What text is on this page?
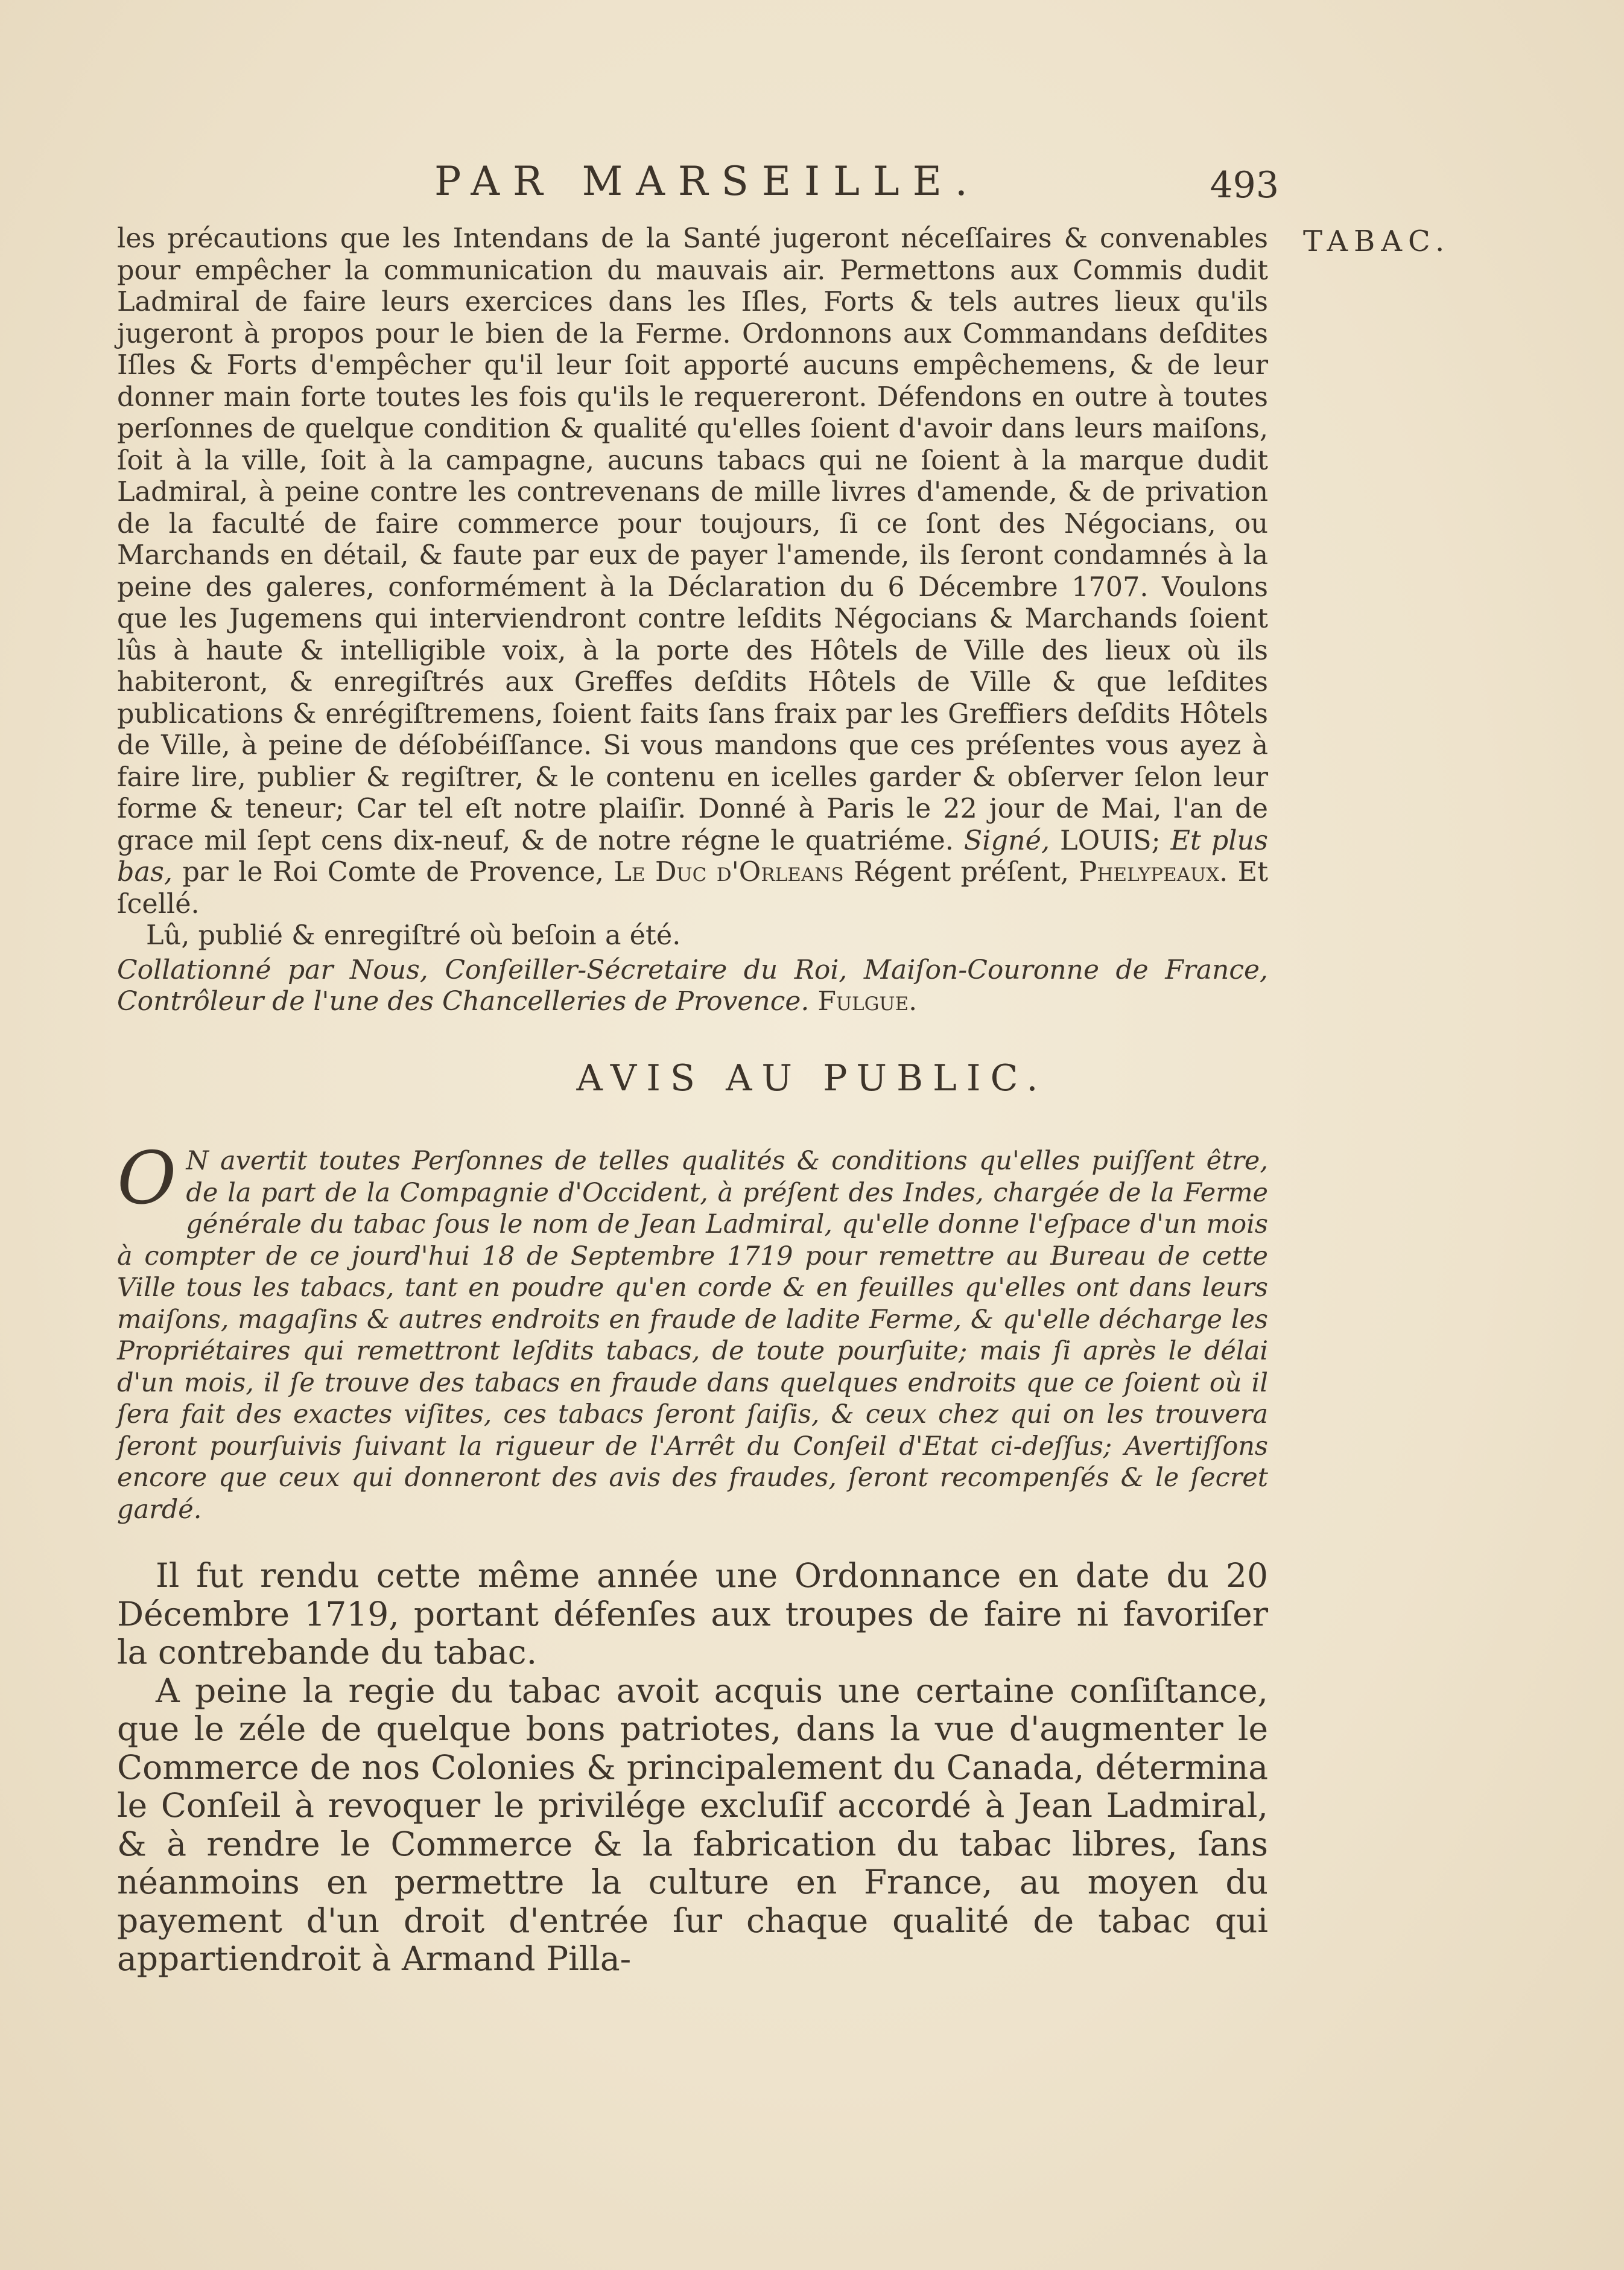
PAR MARSEILLE.	493
TABAC.

les précautions que les Intendans de la Santé jugeront néceſſaires & convenables pour empêcher la communication du mauvais air. Permettons aux Commis dudit Ladmiral de faire leurs exercices dans les Iſles, Forts & tels autres lieux qu'ils jugeront à propos pour le bien de la Ferme. Ordonnons aux Commandans deſdites Iſles & Forts d'empêcher qu'il leur ſoit apporté aucuns empêchemens, & de leur donner main forte toutes les fois qu'ils le requereront. Défendons en outre à toutes perſonnes de quelque condition & qualité qu'elles ſoient d'avoir dans leurs maiſons, ſoit à la ville, ſoit à la campagne, aucuns tabacs qui ne ſoient à la marque dudit Ladmiral, à peine contre les contrevenans de mille livres d'amende, & de privation de la faculté de faire commerce pour toujours, ſi ce ſont des Négocians, ou Marchands en détail, & faute par eux de payer l'amende, ils ſeront condamnés à la peine des galeres, conformément à la Déclaration du 6 Décembre 1707. Voulons que les Jugemens qui interviendront contre leſdits Négocians & Marchands ſoient lûs à haute & intelligible voix, à la porte des Hôtels de Ville des lieux où ils habiteront, & enregiſtrés aux Greffes deſdits Hôtels de Ville & que leſdites publications & enrégiſtremens, ſoient faits ſans fraix par les Greffiers deſdits Hôtels de Ville, à peine de déſobéiſſance. Si vous mandons que ces préſentes vous ayez à faire lire, publier & regiſtrer, & le contenu en icelles garder & obſerver ſelon leur forme & teneur; Car tel eſt notre plaiſir. Donné à Paris le 22 jour de Mai, l'an de grace mil ſept cens dix-neuf, & de notre régne le quatriéme. Signé, LOUIS; Et plus bas, par le Roi Comte de Provence, Le Duc d'Orleans Régent préſent, Phelypeaux. Et ſcellé.

Lû, publié & enregiſtré où beſoin a été.

Collationné par Nous, Conſeiller-Sécretaire du Roi, Maiſon-Couronne de France, Contrôleur de l'une des Chancelleries de Provence. Fulgue.
AVIS AU PUBLIC.
O N avertit toutes Perſonnes de telles qualités & conditions qu'elles puiſſent être, de la part de la Compagnie d'Occident, à préſent des Indes, chargée de la Ferme générale du tabac ſous le nom de Jean Ladmiral, qu'elle donne l'eſpace d'un mois à compter de ce jourd'hui 18 de Septembre 1719 pour remettre au Bureau de cette Ville tous les tabacs, tant en poudre qu'en corde & en feuilles qu'elles ont dans leurs maiſons, magaſins & autres endroits en fraude de ladite Ferme, & qu'elle décharge les Propriétaires qui remettront leſdits tabacs, de toute pourſuite; mais ſi après le délai d'un mois, il ſe trouve des tabacs en fraude dans quelques endroits que ce ſoient où il ſera fait des exactes viſites, ces tabacs ſeront ſaiſis, & ceux chez qui on les trouvera ſeront pourſuivis ſuivant la rigueur de l'Arrêt du Conſeil d'Etat ci-deſſus; Avertiſſons encore que ceux qui donneront des avis des fraudes, ſeront recompenſés & le ſecret gardé.

Il fut rendu cette même année une Ordonnance en date du 20 Décembre 1719, portant défenſes aux troupes de faire ni favoriſer la contrebande du tabac.

A peine la regie du tabac avoit acquis une certaine conſiſtance, que le zéle de quelque bons patriotes, dans la vue d'augmenter le Commerce de nos Colonies & principalement du Canada, détermina le Conſeil à revoquer le privilége excluſif accordé à Jean Ladmiral, & à rendre le Commerce & la fabrication du tabac libres, ſans néanmoins en permettre la culture en France, au moyen du payement d'un droit d'entrée ſur chaque qualité de tabac qui appartiendroit à Armand Pilla-
